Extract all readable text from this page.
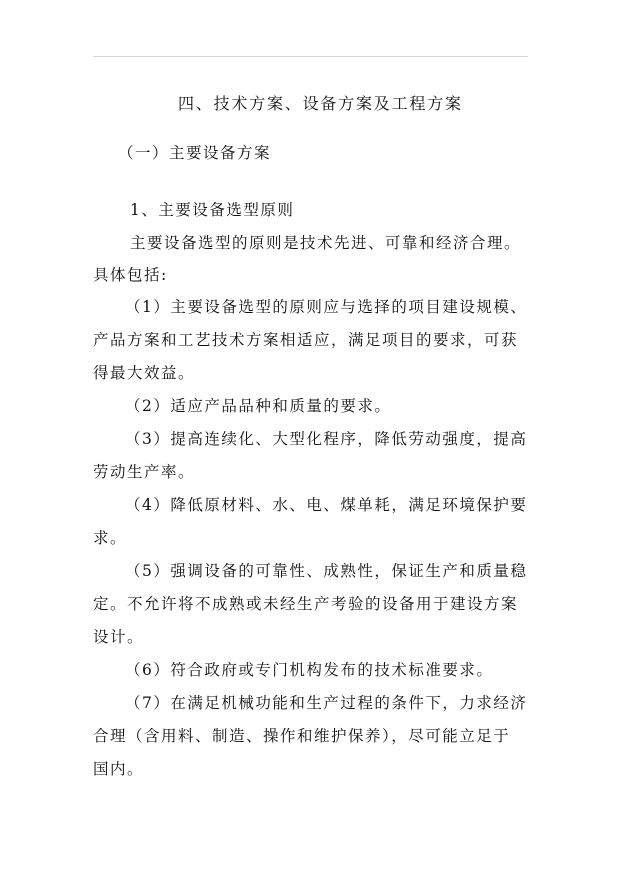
四、技术方案、设备方案及工程方案
（一）主要设备方案
1、主要设备选型原则
主要设备选型的原则是技术先进、可靠和经济合理。
具体包括:
（1）主要设备选型的原则应与选择的项目建设规模、
产品方案和工艺技术方案相适应，满足项目的要求，可获
得最大效益。
（2）适应产品品种和质量的要求。
（3）提高连续化、大型化程序，降低劳动强度，提高
劳动生产率。
（4）降低原材料、水、电、煤单耗，满足环境保护要
求。
（5）强调设备的可靠性、成熟性，保证生产和质量稳
定。不允许将不成熟或未经生产考验的设备用于建设方案
设计。
（6）符合政府或专门机构发布的技术标准要求。
（7）在满足机械功能和生产过程的条件下，力求经济
合理（含用料、制造、操作和维护保养），尽可能立足于
国内。
